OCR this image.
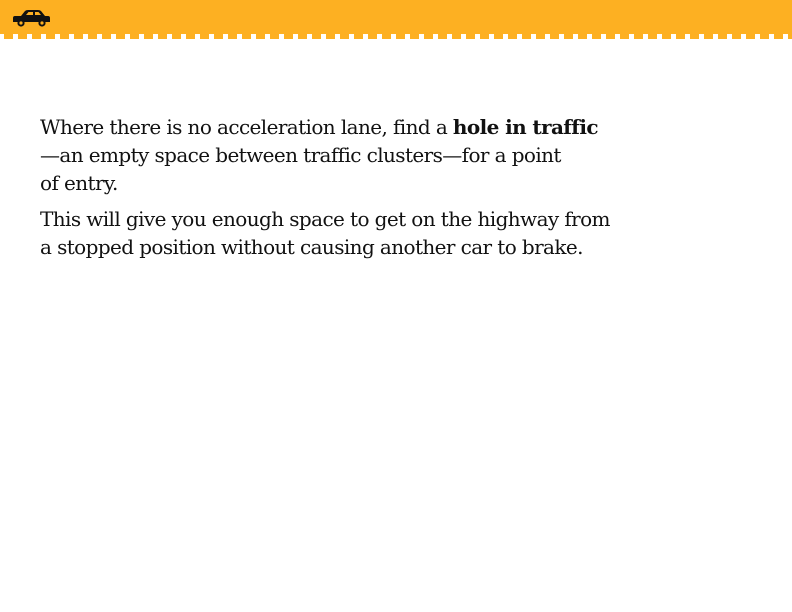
Where there is no acceleration lane, find a hole in traffic
—an empty space between traffic clusters—for a point
of entry.

This will give you enough space to get on the highway from
a stopped position without causing another car to brake.
